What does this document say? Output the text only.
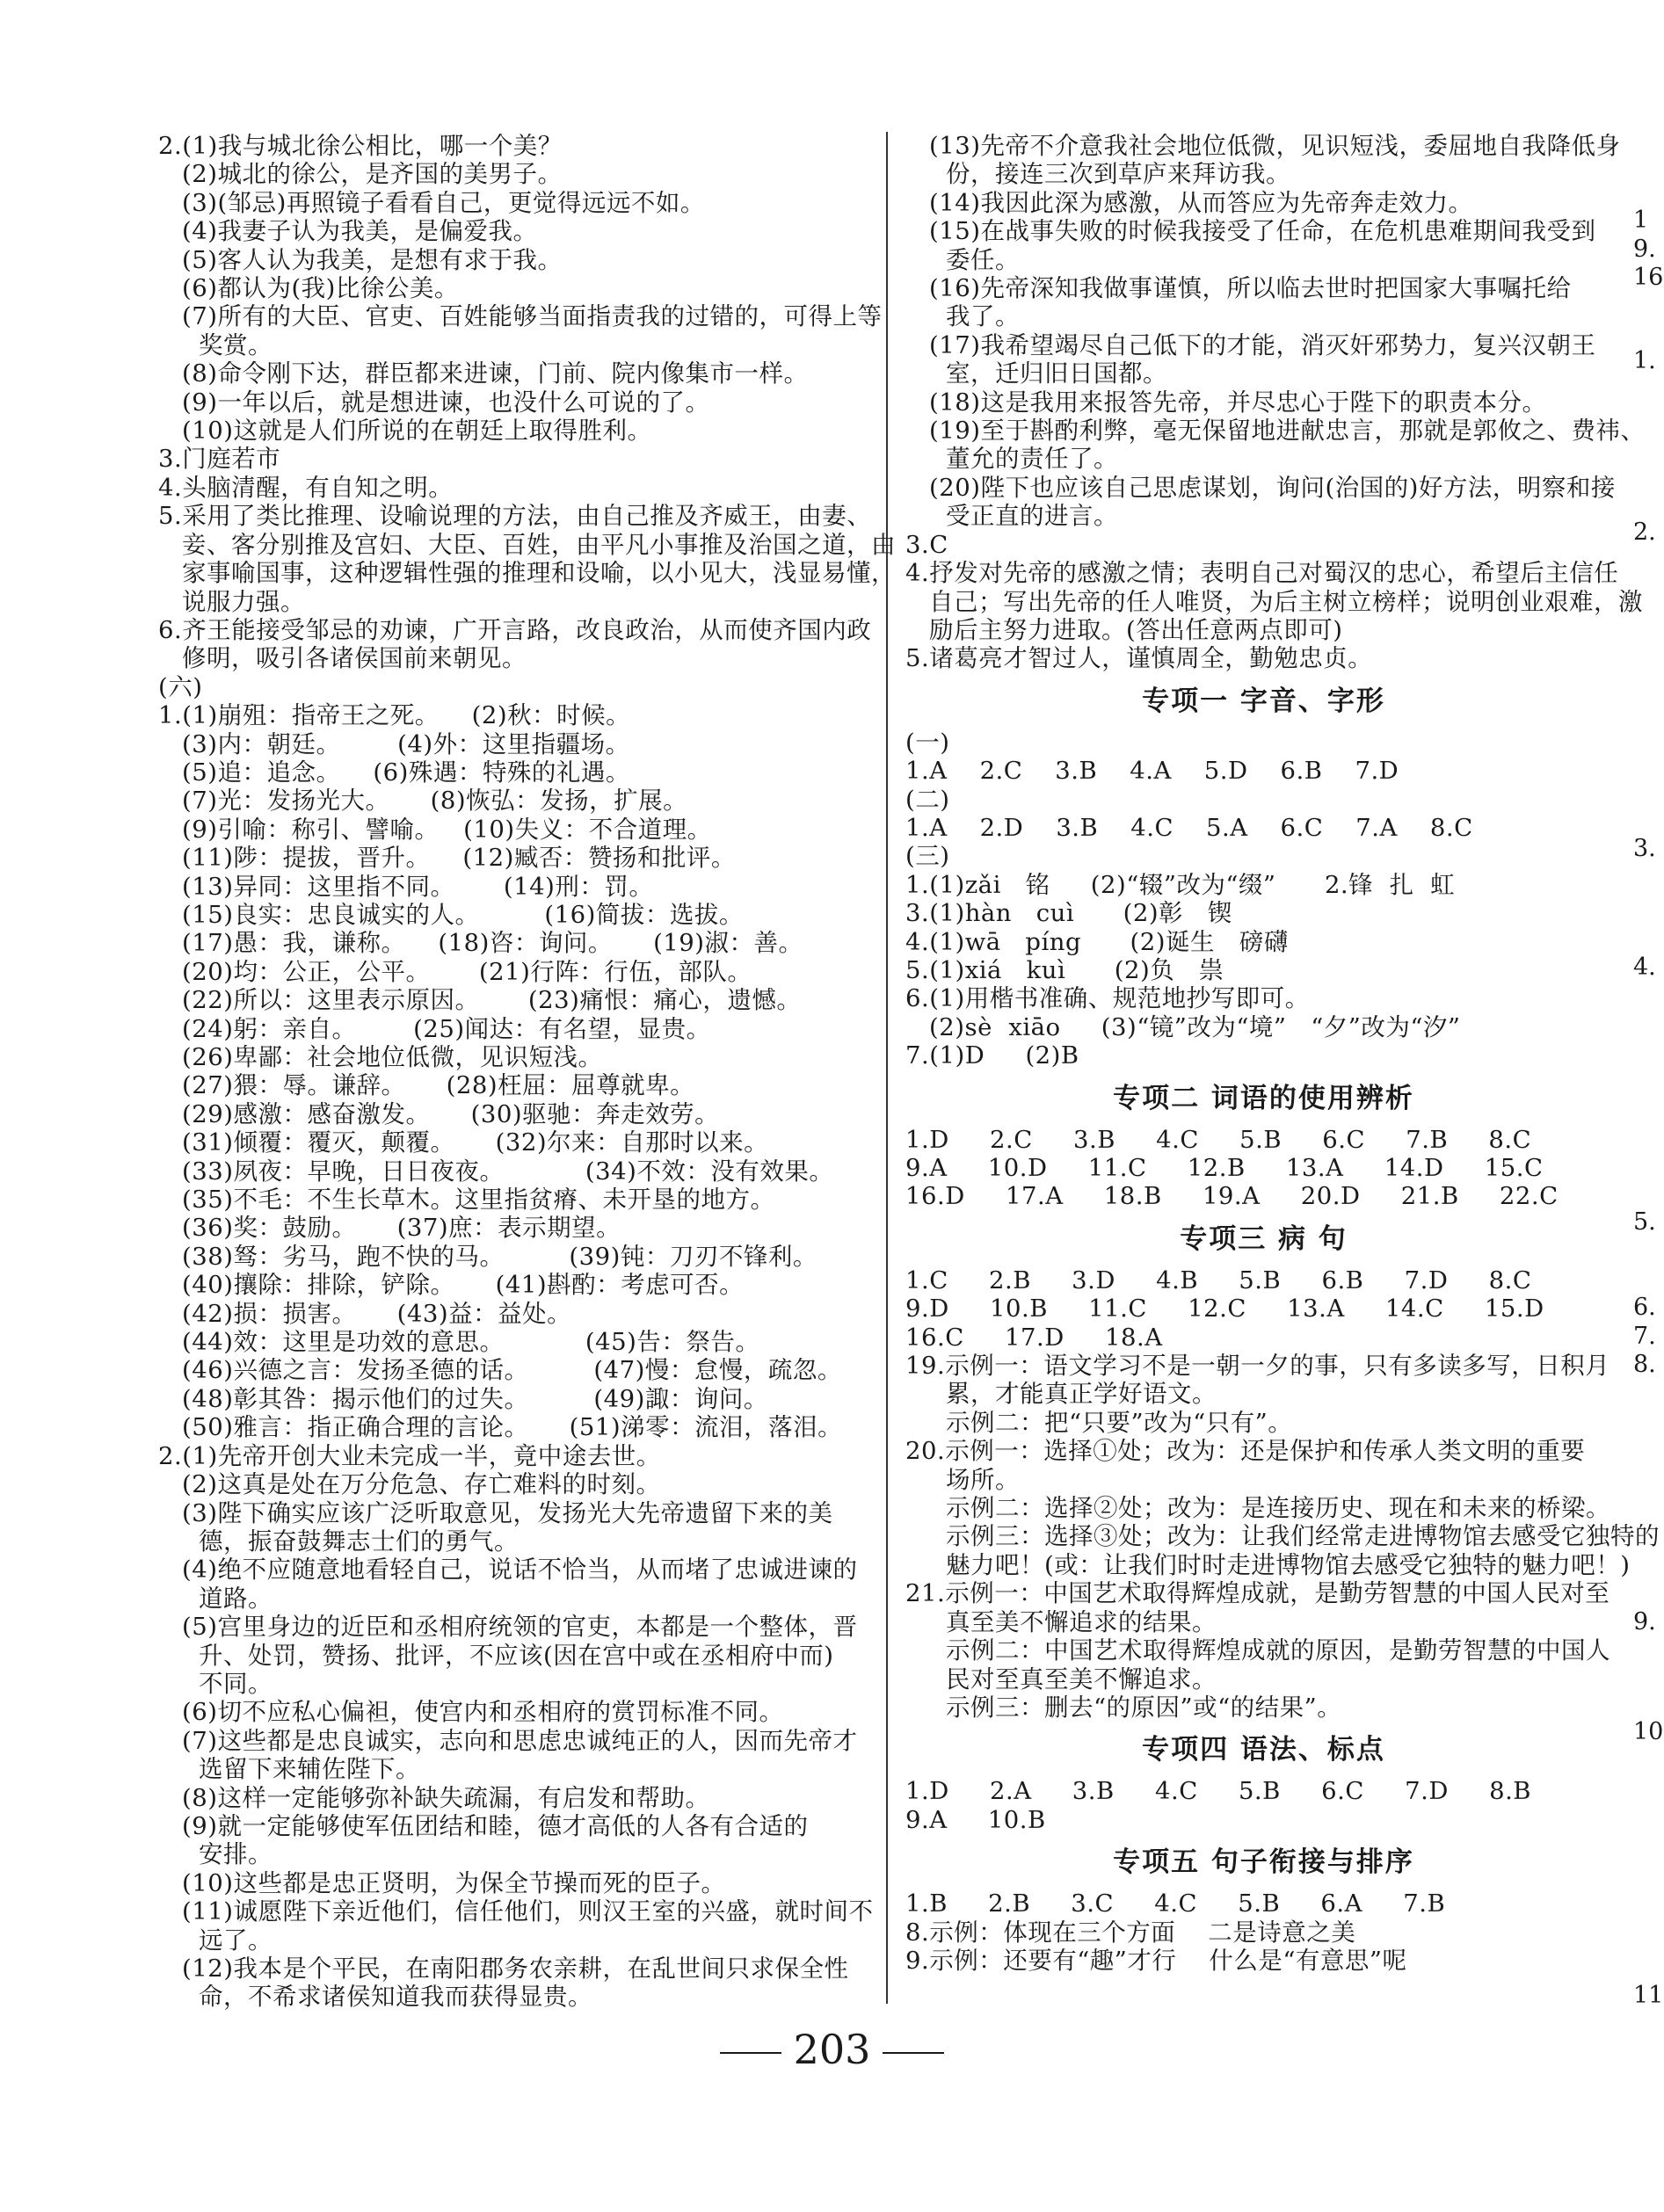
2.(1)我与城北徐公相比，哪一个美？
(2)城北的徐公，是齐国的美男子。
(3)(邹忌)再照镜子看看自己，更觉得远远不如。
(4)我妻子认为我美，是偏爱我。
(5)客人认为我美，是想有求于我。
(6)都认为(我)比徐公美。
(7)所有的大臣、官吏、百姓能够当面指责我的过错的，可得上等
奖赏。
(8)命令刚下达，群臣都来进谏，门前、院内像集市一样。
(9)一年以后，就是想进谏，也没什么可说的了。
(10)这就是人们所说的在朝廷上取得胜利。
3.门庭若市
4.头脑清醒，有自知之明。
5.采用了类比推理、设喻说理的方法，由自己推及齐威王，由妻、
妾、客分别推及宫妇、大臣、百姓，由平凡小事推及治国之道，由
家事喻国事，这种逻辑性强的推理和设喻，以小见大，浅显易懂，
说服力强。
6.齐王能接受邹忌的劝谏，广开言路，改良政治，从而使齐国内政
修明，吸引各诸侯国前来朝见。
(六)
1.(1)崩殂：指帝王之死。    (2)秋：时候。
(3)内：朝廷。       (4)外：这里指疆场。
(5)追：追念。    (6)殊遇：特殊的礼遇。
(7)光：发扬光大。     (8)恢弘：发扬，扩展。
(9)引喻：称引、譬喻。   (10)失义：不合道理。
(11)陟：提拔，晋升。    (12)臧否：赞扬和批评。
(13)异同：这里指不同。      (14)刑：罚。
(15)良实：忠良诚实的人。        (16)简拔：选拔。
(17)愚：我，谦称。    (18)咨：询问。     (19)淑：善。
(20)均：公正，公平。      (21)行阵：行伍，部队。
(22)所以：这里表示原因。      (23)痛恨：痛心，遗憾。
(24)躬：亲自。       (25)闻达：有名望，显贵。
(26)卑鄙：社会地位低微，见识短浅。
(27)猥：辱。谦辞。     (28)枉屈：屈尊就卑。
(29)感激：感奋激发。     (30)驱驰：奔走效劳。
(31)倾覆：覆灭，颠覆。     (32)尔来：自那时以来。
(33)夙夜：早晚，日日夜夜。          (34)不效：没有效果。
(35)不毛：不生长草木。这里指贫瘠、未开垦的地方。
(36)奖：鼓励。     (37)庶：表示期望。
(38)驽：劣马，跑不快的马。        (39)钝：刀刃不锋利。
(40)攘除：排除，铲除。     (41)斟酌：考虑可否。
(42)损：损害。     (43)益：益处。
(44)效：这里是功效的意思。          (45)告：祭告。
(46)兴德之言：发扬圣德的话。        (47)慢：怠慢，疏忽。
(48)彰其咎：揭示他们的过失。        (49)諏：询问。
(50)雅言：指正确合理的言论。     (51)涕零：流泪，落泪。
2.(1)先帝开创大业未完成一半，竟中途去世。
(2)这真是处在万分危急、存亡难料的时刻。
(3)陛下确实应该广泛听取意见，发扬光大先帝遗留下来的美
德，振奋鼓舞志士们的勇气。
(4)绝不应随意地看轻自己，说话不恰当，从而堵了忠诚进谏的
道路。
(5)宫里身边的近臣和丞相府统领的官吏，本都是一个整体，晋
升、处罚，赞扬、批评，不应该(因在宫中或在丞相府中而)
不同。
(6)切不应私心偏袒，使宫内和丞相府的赏罚标准不同。
(7)这些都是忠良诚实，志向和思虑忠诚纯正的人，因而先帝才
选留下来辅佐陛下。
(8)这样一定能够弥补缺失疏漏，有启发和帮助。
(9)就一定能够使军伍团结和睦，德才高低的人各有合适的
安排。
(10)这些都是忠正贤明，为保全节操而死的臣子。
(11)诚愿陛下亲近他们，信任他们，则汉王室的兴盛，就时间不
远了。
(12)我本是个平民，在南阳郡务农亲耕，在乱世间只求保全性
命，不希求诸侯知道我而获得显贵。
(13)先帝不介意我社会地位低微，见识短浅，委屈地自我降低身
份，接连三次到草庐来拜访我。
(14)我因此深为感激，从而答应为先帝奔走效力。
(15)在战事失败的时候我接受了任命，在危机患难期间我受到
委任。
(16)先帝深知我做事谨慎，所以临去世时把国家大事嘱托给
我了。
(17)我希望竭尽自己低下的才能，消灭奸邪势力，复兴汉朝王
室，迁归旧日国都。
(18)这是我用来报答先帝，并尽忠心于陛下的职责本分。
(19)至于斟酌利弊，毫无保留地进献忠言，那就是郭攸之、费祎、
董允的责任了。
(20)陛下也应该自己思虑谋划，询问(治国的)好方法，明察和接
受正直的进言。
3.C
4.抒发对先帝的感激之情；表明自己对蜀汉的忠心，希望后主信任
自己；写出先帝的任人唯贤，为后主树立榜样；说明创业艰难，激
励后主努力进取。(答出任意两点即可)
5.诸葛亮才智过人，谨慎周全，勤勉忠贞。
专项一 字音、字形
(一)
1.A    2.C    3.B    4.A    5.D    6.B    7.D
(二)
1.A    2.D    3.B    4.C    5.A    6.C    7.A    8.C
(三)
1.(1)zǎi   铭     (2)“辍”改为“缀”      2.锋  扎  虹
3.(1)hàn   cuì      (2)彰   锲
4.(1)wā   píng      (2)诞生   磅礴
5.(1)xiá   kuì      (2)负   祟
6.(1)用楷书准确、规范地抄写即可。
(2)sè  xiāo     (3)“镜”改为“境”   “夕”改为“汐”
7.(1)D     (2)B
专项二 词语的使用辨析
1.D     2.C     3.B     4.C     5.B     6.C     7.B     8.C
9.A     10.D     11.C     12.B     13.A     14.D     15.C
16.D     17.A     18.B     19.A     20.D     21.B     22.C
专项三 病 句
1.C     2.B     3.D     4.B     5.B     6.B     7.D     8.C
9.D     10.B     11.C     12.C     13.A     14.C     15.D
16.C     17.D     18.A
19.示例一：语文学习不是一朝一夕的事，只有多读多写，日积月
累，才能真正学好语文。
示例二：把“只要”改为“只有”。
20.示例一：选择①处；改为：还是保护和传承人类文明的重要
场所。
示例二：选择②处；改为：是连接历史、现在和未来的桥梁。
示例三：选择③处；改为：让我们经常走进博物馆去感受它独特的
魅力吧！(或：让我们时时走进博物馆去感受它独特的魅力吧！)
21.示例一：中国艺术取得辉煌成就，是勤劳智慧的中国人民对至
真至美不懈追求的结果。
示例二：中国艺术取得辉煌成就的原因，是勤劳智慧的中国人
民对至真至美不懈追求。
示例三：删去“的原因”或“的结果”。
专项四 语法、标点
1.D     2.A     3.B     4.C     5.B     6.C     7.D     8.B
9.A     10.B
专项五 句子衔接与排序
1.B     2.B     3.C     4.C     5.B     6.A     7.B
8.示例：体现在三个方面    二是诗意之美
9.示例：还要有“趣”才行    什么是“有意思”呢
1
9.
16
1.
2.
3.
4.
5.
6.
7.
8.
9.
10
11
203
